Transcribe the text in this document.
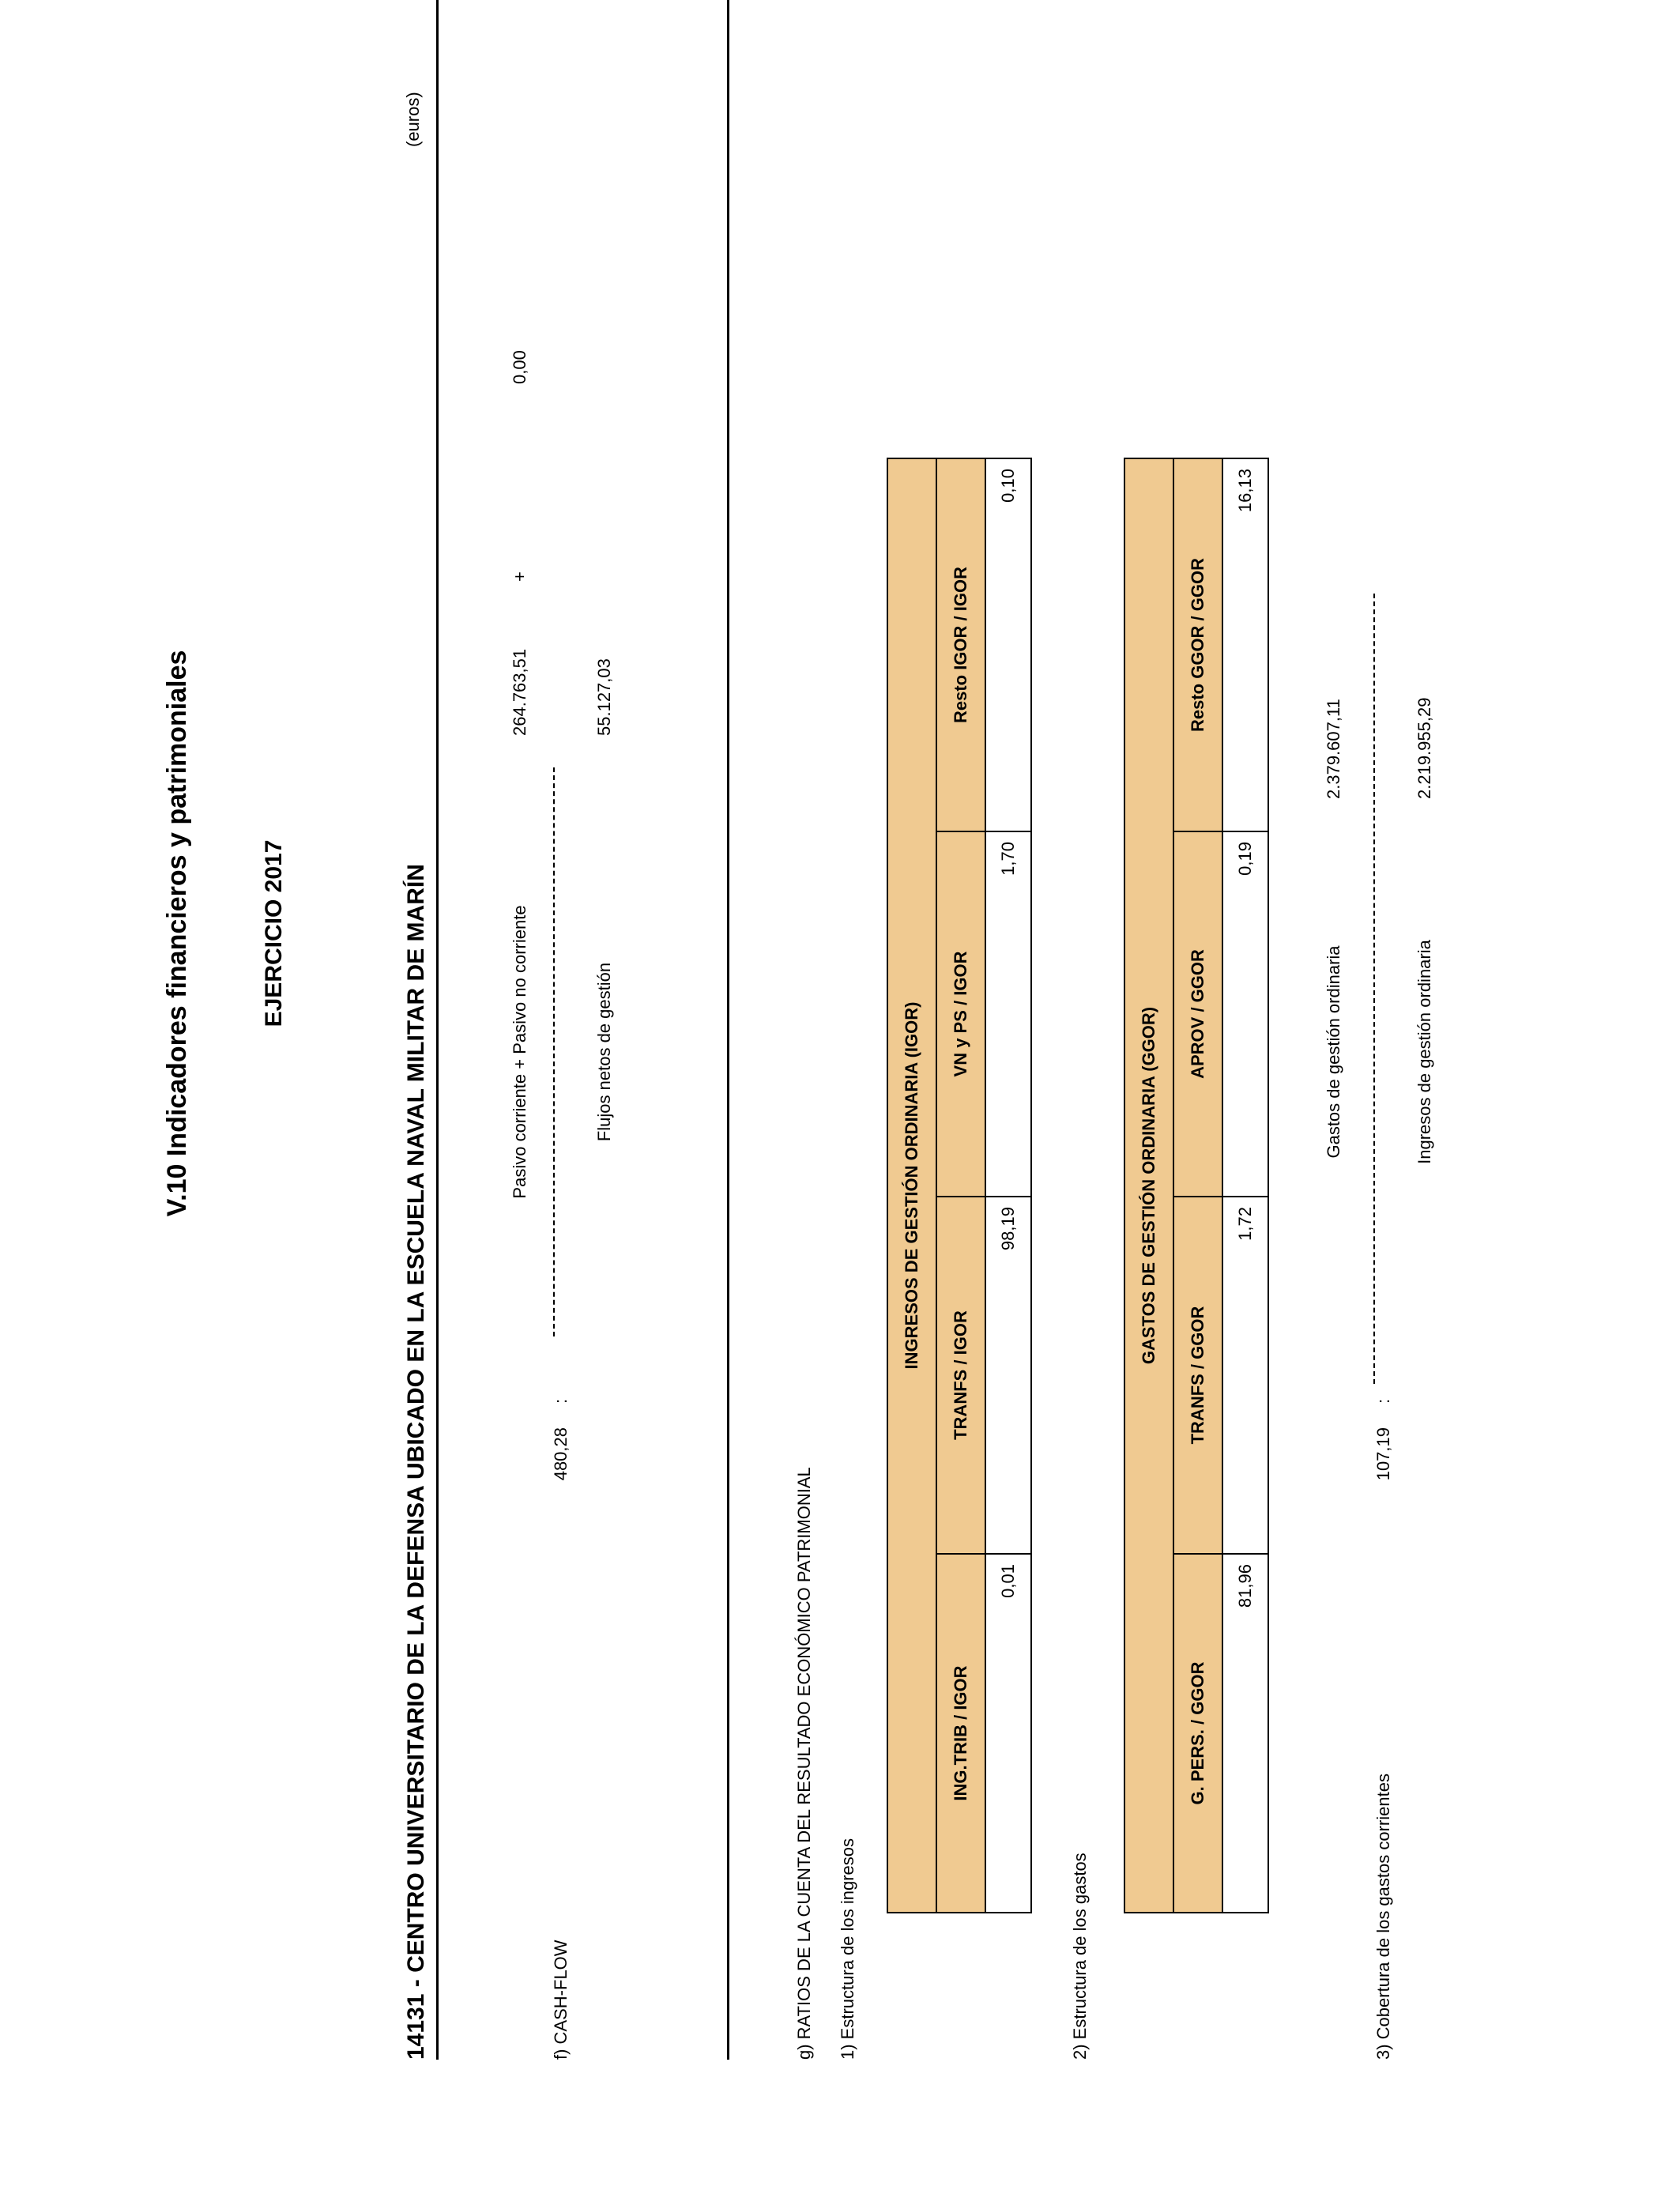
V.10 Indicadores financieros y patrimoniales	EJERCICIO 2017	14131 - CENTRO UNIVERSITARIO DE LA DEFENSA UBICADO EN LA ESCUELA NAVAL MILITAR DE MARÍN
(euros)
f) CASH-FLOW
480,28
:
Pasivo corriente + Pasivo no corriente	Flujos netos de gestión
264.763,51
+
0,00
55.127,03
g) RATIOS DE LA CUENTA DEL RESULTADO ECONÓMICO PATRIMONIAL 1) Estructura de los ingresos
INGRESOS DE GESTIÓN ORDINARIA (IGOR)			
ING.TRIB / IGOR	TRANFS / IGOR	VN y PS / IGOR	Resto IGOR / IGOR
0,01	98,19	1,70	0,10
2) Estructura de los gastos
GASTOS DE GESTIÓN ORDINARIA (GGOR)			
G. PERS. / GGOR	TRANFS / GGOR	APROV / GGOR	Resto GGOR / GGOR
81,96	1,72	0,19	16,13
3) Cobertura de los gastos corrientes
107,19
:
Gastos de gestión ordinaria	Ingresos de gestión ordinaria
2.379.607,11	2.219.955,29
